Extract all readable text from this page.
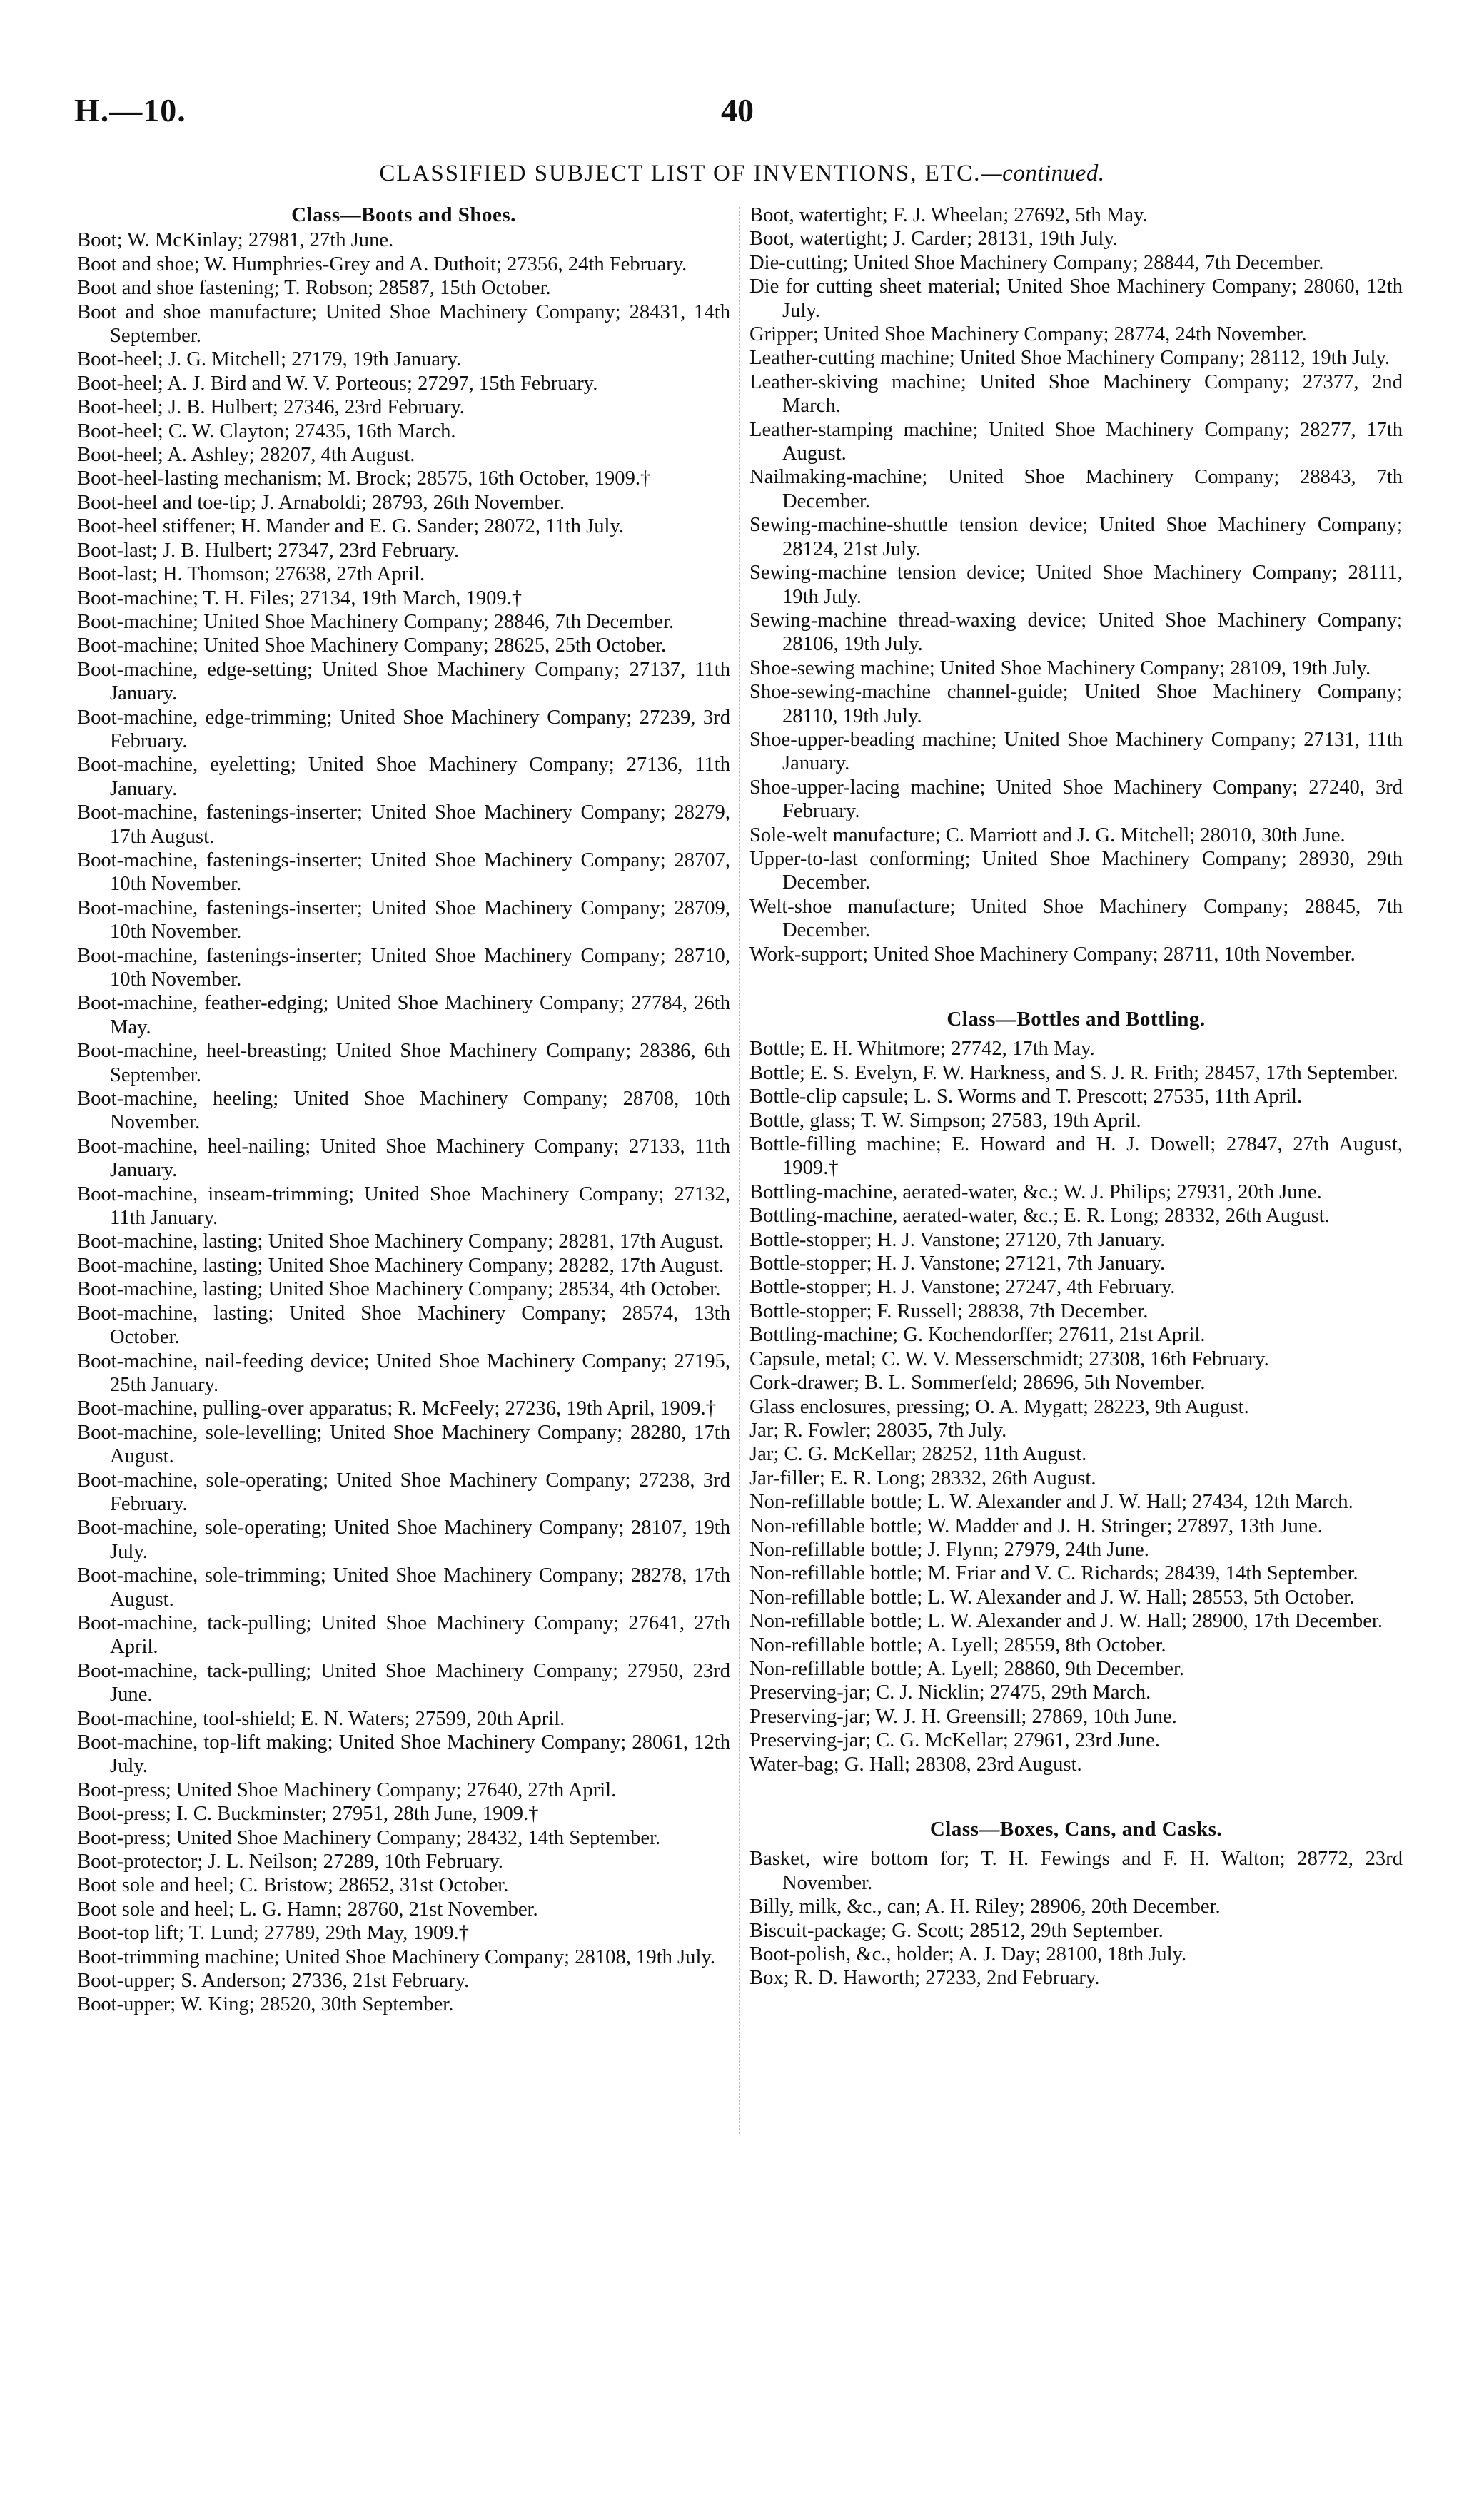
H.—10.	40
CLASSIFIED SUBJECT LIST OF INVENTIONS, ETC.—continued.

Class—Boots and Shoes.

Boot; W. McKinlay; 27981, 27th June.

Boot and shoe; W. Humphries-Grey and A. Duthoit; 27356, 24th February.

Boot and shoe fastening; T. Robson; 28587, 15th October.

Boot and shoe manufacture; United Shoe Machinery Company; 28431, 14th September.

Boot-heel; J. G. Mitchell; 27179, 19th January.

Boot-heel; A. J. Bird and W. V. Porteous; 27297, 15th February.

Boot-heel; J. B. Hulbert; 27346, 23rd February.

Boot-heel; C. W. Clayton; 27435, 16th March.

Boot-heel; A. Ashley; 28207, 4th August.

Boot-heel-lasting mechanism; M. Brock; 28575, 16th October, 1909.†

Boot-heel and toe-tip; J. Arnaboldi; 28793, 26th November.

Boot-heel stiffener; H. Mander and E. G. Sander; 28072, 11th July.

Boot-last; J. B. Hulbert; 27347, 23rd February.

Boot-last; H. Thomson; 27638, 27th April.

Boot-machine; T. H. Files; 27134, 19th March, 1909.†

Boot-machine; United Shoe Machinery Company; 28846, 7th December.

Boot-machine; United Shoe Machinery Company; 28625, 25th October.

Boot-machine, edge-setting; United Shoe Machinery Company; 27137, 11th January.

Boot-machine, edge-trimming; United Shoe Machinery Company; 27239, 3rd February.

Boot-machine, eyeletting; United Shoe Machinery Company; 27136, 11th January.

Boot-machine, fastenings-inserter; United Shoe Machinery Company; 28279, 17th August.

Boot-machine, fastenings-inserter; United Shoe Machinery Company; 28707, 10th November.

Boot-machine, fastenings-inserter; United Shoe Machinery Company; 28709, 10th November.

Boot-machine, fastenings-inserter; United Shoe Machinery Company; 28710, 10th November.

Boot-machine, feather-edging; United Shoe Machinery Company; 27784, 26th May.

Boot-machine, heel-breasting; United Shoe Machinery Company; 28386, 6th September.

Boot-machine, heeling; United Shoe Machinery Company; 28708, 10th November.

Boot-machine, heel-nailing; United Shoe Machinery Company; 27133, 11th January.

Boot-machine, inseam-trimming; United Shoe Machinery Company; 27132, 11th January.

Boot-machine, lasting; United Shoe Machinery Company; 28281, 17th August.

Boot-machine, lasting; United Shoe Machinery Company; 28282, 17th August.

Boot-machine, lasting; United Shoe Machinery Company; 28534, 4th October.

Boot-machine, lasting; United Shoe Machinery Company; 28574, 13th October.

Boot-machine, nail-feeding device; United Shoe Machinery Company; 27195, 25th January.

Boot-machine, pulling-over apparatus; R. McFeely; 27236, 19th April, 1909.†

Boot-machine, sole-levelling; United Shoe Machinery Company; 28280, 17th August.

Boot-machine, sole-operating; United Shoe Machinery Company; 27238, 3rd February.

Boot-machine, sole-operating; United Shoe Machinery Company; 28107, 19th July.

Boot-machine, sole-trimming; United Shoe Machinery Company; 28278, 17th August.

Boot-machine, tack-pulling; United Shoe Machinery Company; 27641, 27th April.

Boot-machine, tack-pulling; United Shoe Machinery Company; 27950, 23rd June.

Boot-machine, tool-shield; E. N. Waters; 27599, 20th April.

Boot-machine, top-lift making; United Shoe Machinery Company; 28061, 12th July.

Boot-press; United Shoe Machinery Company; 27640, 27th April.

Boot-press; I. C. Buckminster; 27951, 28th June, 1909.†

Boot-press; United Shoe Machinery Company; 28432, 14th September.

Boot-protector; J. L. Neilson; 27289, 10th February.

Boot sole and heel; C. Bristow; 28652, 31st October.

Boot sole and heel; L. G. Hamn; 28760, 21st November.

Boot-top lift; T. Lund; 27789, 29th May, 1909.†

Boot-trimming machine; United Shoe Machinery Company; 28108, 19th July.

Boot-upper; S. Anderson; 27336, 21st February.

Boot-upper; W. King; 28520, 30th September.

Boot, watertight; F. J. Wheelan; 27692, 5th May.

Boot, watertight; J. Carder; 28131, 19th July.

Die-cutting; United Shoe Machinery Company; 28844, 7th December.

Die for cutting sheet material; United Shoe Machinery Company; 28060, 12th July.

Gripper; United Shoe Machinery Company; 28774, 24th November.

Leather-cutting machine; United Shoe Machinery Company; 28112, 19th July.

Leather-skiving machine; United Shoe Machinery Company; 27377, 2nd March.

Leather-stamping machine; United Shoe Machinery Company; 28277, 17th August.

Nailmaking-machine; United Shoe Machinery Company; 28843, 7th December.

Sewing-machine-shuttle tension device; United Shoe Machinery Company; 28124, 21st July.

Sewing-machine tension device; United Shoe Machinery Company; 28111, 19th July.

Sewing-machine thread-waxing device; United Shoe Machinery Company; 28106, 19th July.

Shoe-sewing machine; United Shoe Machinery Company; 28109, 19th July.

Shoe-sewing-machine channel-guide; United Shoe Machinery Company; 28110, 19th July.

Shoe-upper-beading machine; United Shoe Machinery Company; 27131, 11th January.

Shoe-upper-lacing machine; United Shoe Machinery Company; 27240, 3rd February.

Sole-welt manufacture; C. Marriott and J. G. Mitchell; 28010, 30th June.

Upper-to-last conforming; United Shoe Machinery Company; 28930, 29th December.

Welt-shoe manufacture; United Shoe Machinery Company; 28845, 7th December.

Work-support; United Shoe Machinery Company; 28711, 10th November.

Class—Bottles and Bottling.

Bottle; E. H. Whitmore; 27742, 17th May.

Bottle; E. S. Evelyn, F. W. Harkness, and S. J. R. Frith; 28457, 17th September.

Bottle-clip capsule; L. S. Worms and T. Prescott; 27535, 11th April.

Bottle, glass; T. W. Simpson; 27583, 19th April.

Bottle-filling machine; E. Howard and H. J. Dowell; 27847, 27th August, 1909.†

Bottling-machine, aerated-water, &c.; W. J. Philips; 27931, 20th June.

Bottling-machine, aerated-water, &c.; E. R. Long; 28332, 26th August.

Bottle-stopper; H. J. Vanstone; 27120, 7th January.

Bottle-stopper; H. J. Vanstone; 27121, 7th January.

Bottle-stopper; H. J. Vanstone; 27247, 4th February.

Bottle-stopper; F. Russell; 28838, 7th December.

Bottling-machine; G. Kochendorffer; 27611, 21st April.

Capsule, metal; C. W. V. Messerschmidt; 27308, 16th February.

Cork-drawer; B. L. Sommerfeld; 28696, 5th November.

Glass enclosures, pressing; O. A. Mygatt; 28223, 9th August.

Jar; R. Fowler; 28035, 7th July.

Jar; C. G. McKellar; 28252, 11th August.

Jar-filler; E. R. Long; 28332, 26th August.

Non-refillable bottle; L. W. Alexander and J. W. Hall; 27434, 12th March.

Non-refillable bottle; W. Madder and J. H. Stringer; 27897, 13th June.

Non-refillable bottle; J. Flynn; 27979, 24th June.

Non-refillable bottle; M. Friar and V. C. Richards; 28439, 14th September.

Non-refillable bottle; L. W. Alexander and J. W. Hall; 28553, 5th October.

Non-refillable bottle; L. W. Alexander and J. W. Hall; 28900, 17th December.

Non-refillable bottle; A. Lyell; 28559, 8th October.

Non-refillable bottle; A. Lyell; 28860, 9th December.

Preserving-jar; C. J. Nicklin; 27475, 29th March.

Preserving-jar; W. J. H. Greensill; 27869, 10th June.

Preserving-jar; C. G. McKellar; 27961, 23rd June.

Water-bag; G. Hall; 28308, 23rd August.

Class—Boxes, Cans, and Casks.

Basket, wire bottom for; T. H. Fewings and F. H. Walton; 28772, 23rd November.

Billy, milk, &c., can; A. H. Riley; 28906, 20th December.

Biscuit-package; G. Scott; 28512, 29th September.

Boot-polish, &c., holder; A. J. Day; 28100, 18th July.

Box; R. D. Haworth; 27233, 2nd February.
